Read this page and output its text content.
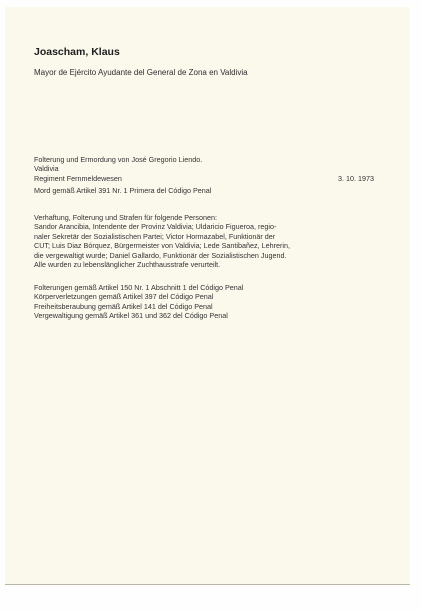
Joascham, Klaus
Mayor de Ejército Ayudante del General de Zona en Valdivia
Folterung und Ermordung von José Gregorio Liendo.
Valdivia
Regiment Fernmeldewesen	3. 10. 1973
Mord gemäß Artikel 391 Nr. 1 Primera del Código Penal
Verhaftung, Folterung und Strafen für folgende Personen:
Sandor Arancibia, Intendente der Provinz Valdivia; Uldaricio Figueroa, regio-
naler Sekretär der Sozialistischen Partei; Victor Hormazabel, Funktionär der
CUT; Luis Diaz Bórquez, Bürgermeister von Valdivia; Lede Santibañez, Lehrerin,
die vergewaltigt wurde; Daniel Gallardo, Funktionär der Sozialistischen Jugend.
Alle wurden zu lebenslänglicher Zuchthausstrafe verurteilt.
Folterungen gemäß Artikel 150 Nr. 1 Abschnitt 1 del Código Penal
Körperverletzungen gemäß Artikel 397 del Código Penal
Freiheitsberaubung gemäß Artikel 141 del Código Penal
Vergewaltigung gemäß Artikel 361 und 362 del Código Penal
